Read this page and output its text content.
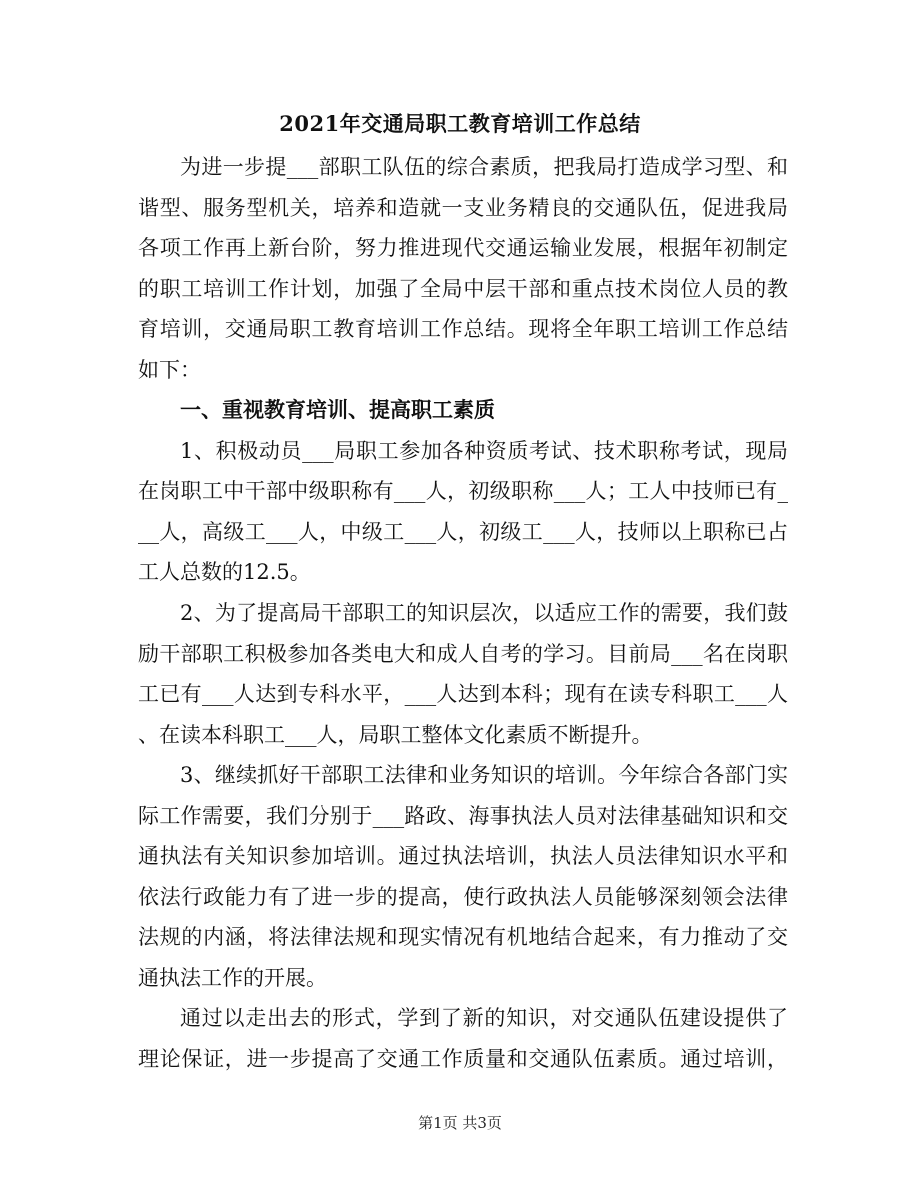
2021年交通局职工教育培训工作总结
为进一步提___部职工队伍的综合素质，把我局打造成学习型、和
谐型、服务型机关，培养和造就一支业务精良的交通队伍，促进我局
各项工作再上新台阶，努力推进现代交通运输业发展，根据年初制定
的职工培训工作计划，加强了全局中层干部和重点技术岗位人员的教
育培训，交通局职工教育培训工作总结。现将全年职工培训工作总结
如下：
一、重视教育培训、提高职工素质
1、积极动员___局职工参加各种资质考试、技术职称考试，现局
在岗职工中干部中级职称有___人，初级职称___人；工人中技师已有_
__人，高级工___人，中级工___人，初级工___人，技师以上职称已占
工人总数的12.5。
2、为了提高局干部职工的知识层次，以适应工作的需要，我们鼓
励干部职工积极参加各类电大和成人自考的学习。目前局___名在岗职
工已有___人达到专科水平，___人达到本科；现有在读专科职工___人
、在读本科职工___人，局职工整体文化素质不断提升。
3、继续抓好干部职工法律和业务知识的培训。今年综合各部门实
际工作需要，我们分别于___路政、海事执法人员对法律基础知识和交
通执法有关知识参加培训。通过执法培训，执法人员法律知识水平和
依法行政能力有了进一步的提高，使行政执法人员能够深刻领会法律
法规的内涵，将法律法规和现实情况有机地结合起来，有力推动了交
通执法工作的开展。
通过以走出去的形式，学到了新的知识，对交通队伍建设提供了
理论保证，进一步提高了交通工作质量和交通队伍素质。通过培训，
第1页 共3页
